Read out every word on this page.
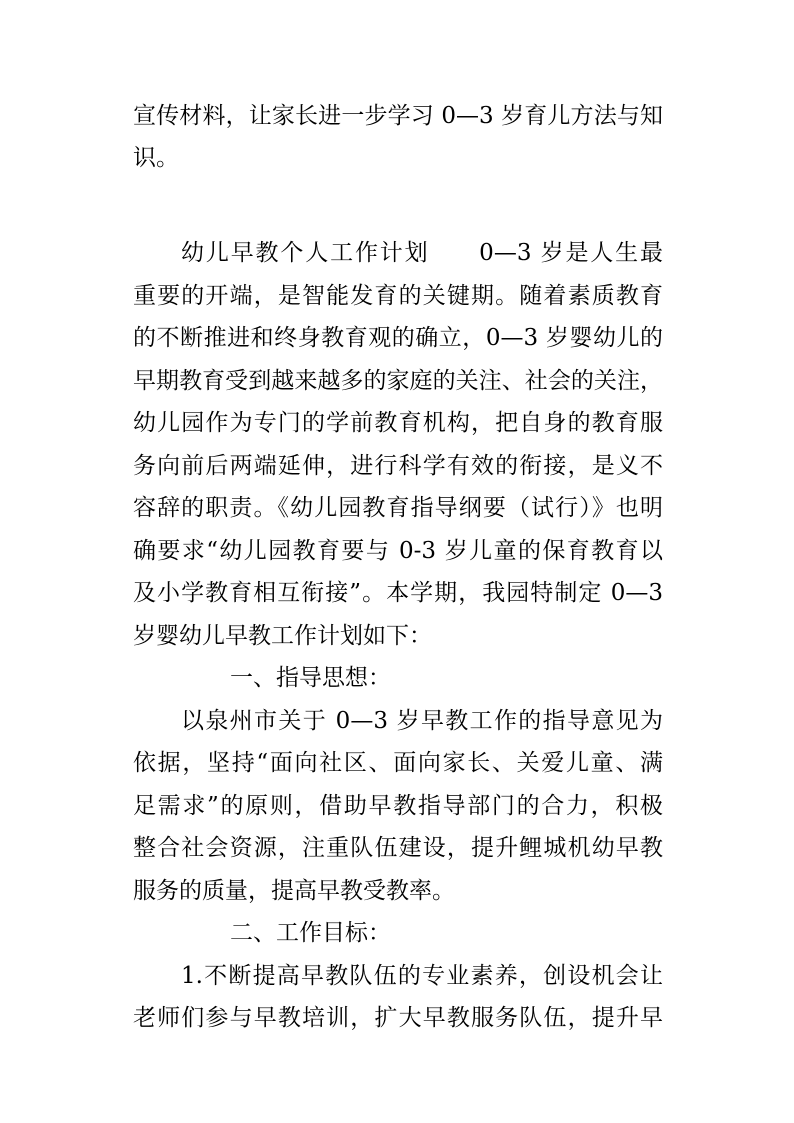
宣传材料，让家长进一步学习 0—3 岁育儿方法与知
识。
幼儿早教个人工作计划　　0—3 岁是人生最
重要的开端，是智能发育的关键期。随着素质教育
的不断推进和终身教育观的确立，0—3 岁婴幼儿的
早期教育受到越来越多的家庭的关注、社会的关注，
幼儿园作为专门的学前教育机构，把自身的教育服
务向前后两端延伸，进行科学有效的衔接，是义不
容辞的职责。《幼儿园教育指导纲要（试行）》也明
确要求“幼儿园教育要与 0-3 岁儿童的保育教育以
及小学教育相互衔接”。本学期，我园特制定 0—3
岁婴幼儿早教工作计划如下：
一、指导思想：
以泉州市关于 0—3 岁早教工作的指导意见为
依据，坚持“面向社区、面向家长、关爱儿童、满
足需求”的原则，借助早教指导部门的合力，积极
整合社会资源，注重队伍建设，提升鲤城机幼早教
服务的质量，提高早教受教率。
二、工作目标：
1.不断提高早教队伍的专业素养，创设机会让
老师们参与早教培训，扩大早教服务队伍，提升早
